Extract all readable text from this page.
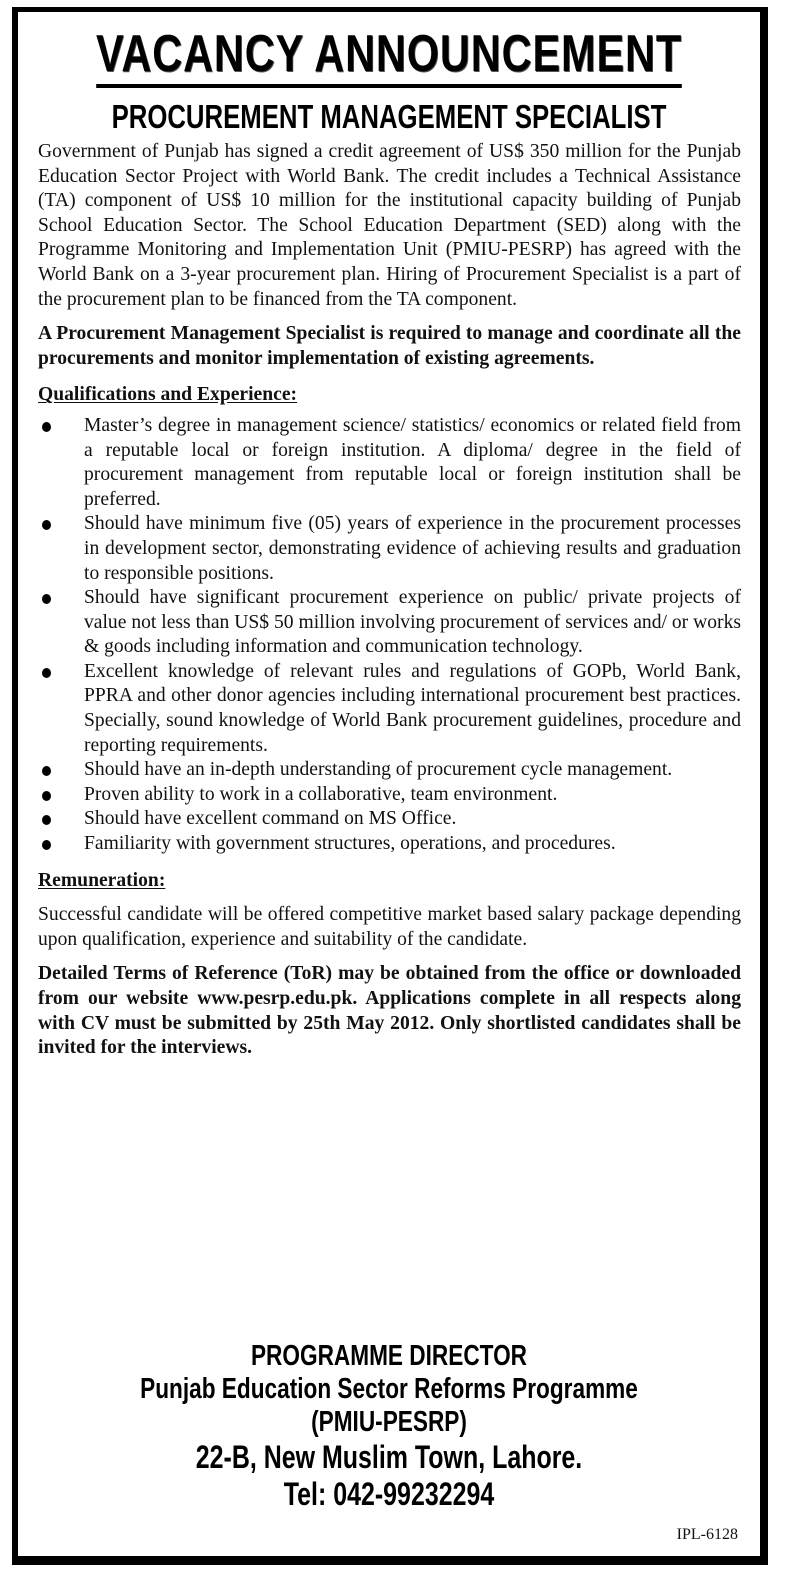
VACANCY ANNOUNCEMENT
PROCUREMENT MANAGEMENT SPECIALIST

Government of Punjab has signed a credit agreement of US$ 350 million for the Punjab Education Sector Project with World Bank. The credit includes a Technical Assistance (TA) component of US$ 10 million for the institutional capacity building of Punjab School Education Sector. The School Education Department (SED) along with the Programme Monitoring and Implementation Unit (PMIU-PESRP) has agreed with the World Bank on a 3-year procurement plan. Hiring of Procurement Specialist is a part of the procurement plan to be financed from the TA component.

A Procurement Management Specialist is required to manage and coordinate all the procurements and monitor implementation of existing agreements.

Qualifications and Experience:

Master’s degree in management science/ statistics/ economics or related field from a reputable local or foreign institution. A diploma/ degree in the field of procurement management from reputable local or foreign institution shall be preferred.
Should have minimum five (05) years of experience in the procurement processes in development sector, demonstrating evidence of achieving results and graduation to responsible positions.
Should have significant procurement experience on public/ private projects of value not less than US$ 50 million involving procurement of services and/ or works & goods including information and communication technology.
Excellent knowledge of relevant rules and regulations of GOPb, World Bank, PPRA and other donor agencies including international procurement best practices. Specially, sound knowledge of World Bank procurement guidelines, procedure and reporting requirements.
Should have an in-depth understanding of procurement cycle management.
Proven ability to work in a collaborative, team environment.
Should have excellent command on MS Office.
Familiarity with government structures, operations, and procedures.

Remuneration:

Successful candidate will be offered competitive market based salary package depending upon qualification, experience and suitability of the candidate.

Detailed Terms of Reference (ToR) may be obtained from the office or downloaded from our website www.pesrp.edu.pk. Applications complete in all respects along with CV must be submitted by 25th May 2012. Only shortlisted candidates shall be invited for the interviews.

PROGRAMME DIRECTOR
Punjab Education Sector Reforms Programme
(PMIU-PESRP)
22-B, New Muslim Town, Lahore.
Tel: 042-99232294
IPL-6128
